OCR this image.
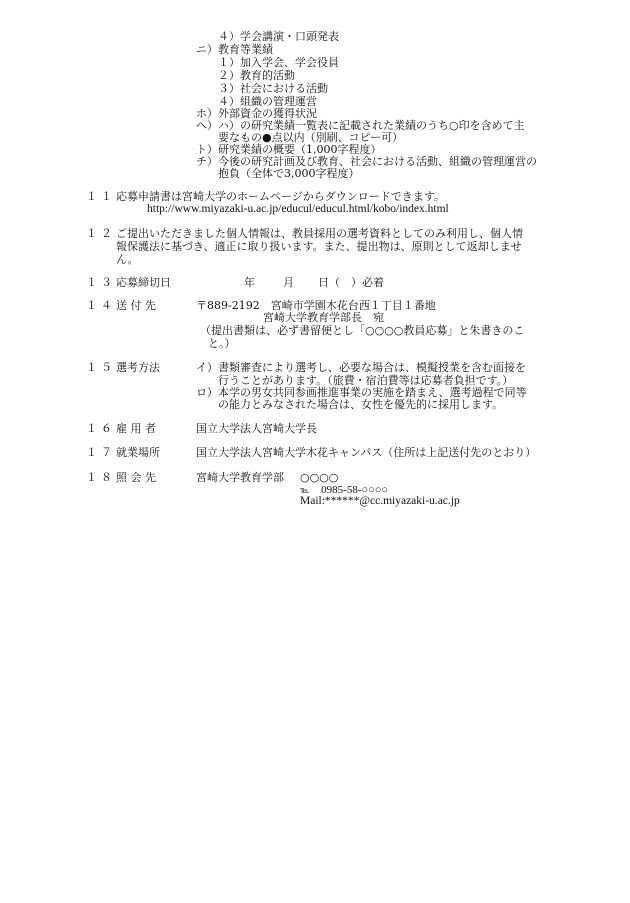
４）学会講演・口頭発表
ニ）教育等業績
１）加入学会、学会役員
２）教育的活動
３）社会における活動
４）組織の管理運営
ホ）外部資金の獲得状況
ヘ）ハ）の研究業績一覧表に記載された業績のうち○印を含めて主
要なもの●点以内（別刷、コピー可）
ト）研究業績の概要（1,000字程度）
チ）今後の研究計画及び教育、社会における活動、組織の管理運営の
抱負（全体で3,000字程度）
１１ 応募申請書は宮崎大学のホームページからダウンロードできます。
http://www.miyazaki-u.ac.jp/educul/educul.html/kobo/index.html
１２ ご提出いただきました個人情報は、教員採用の選考資料としてのみ利用し、個人情
報保護法に基づき、適正に取り扱います。また、提出物は、原則として返却しませ
ん。
１３ 応募締切日	年	月 日（　）必着
１４ 送 付 先	〒889-2192　宮崎市学園木花台西１丁目１番地
宮崎大学教育学部長　宛
（提出書類は、必ず書留便とし「○○○○教員応募」と朱書きのこ
と。）
１５ 選考方法	イ）書類審査により選考し、必要な場合は、模擬授業を含む面接を
行うことがあります。（旅費・宿泊費等は応募者負担です。）
ロ）本学の男女共同参画推進事業の実施を踏まえ、選考過程で同等
の能力とみなされた場合は、女性を優先的に採用します。
１６ 雇 用 者	国立大学法人宮崎大学長
１７ 就業場所	国立大学法人宮崎大学木花キャンパス（住所は上記送付先のとおり）
１８ 照 会 先	宮崎大学教育学部 ○○○○
℡ 0985-58-○○○○
Mail:******@cc.miyazaki-u.ac.jp
